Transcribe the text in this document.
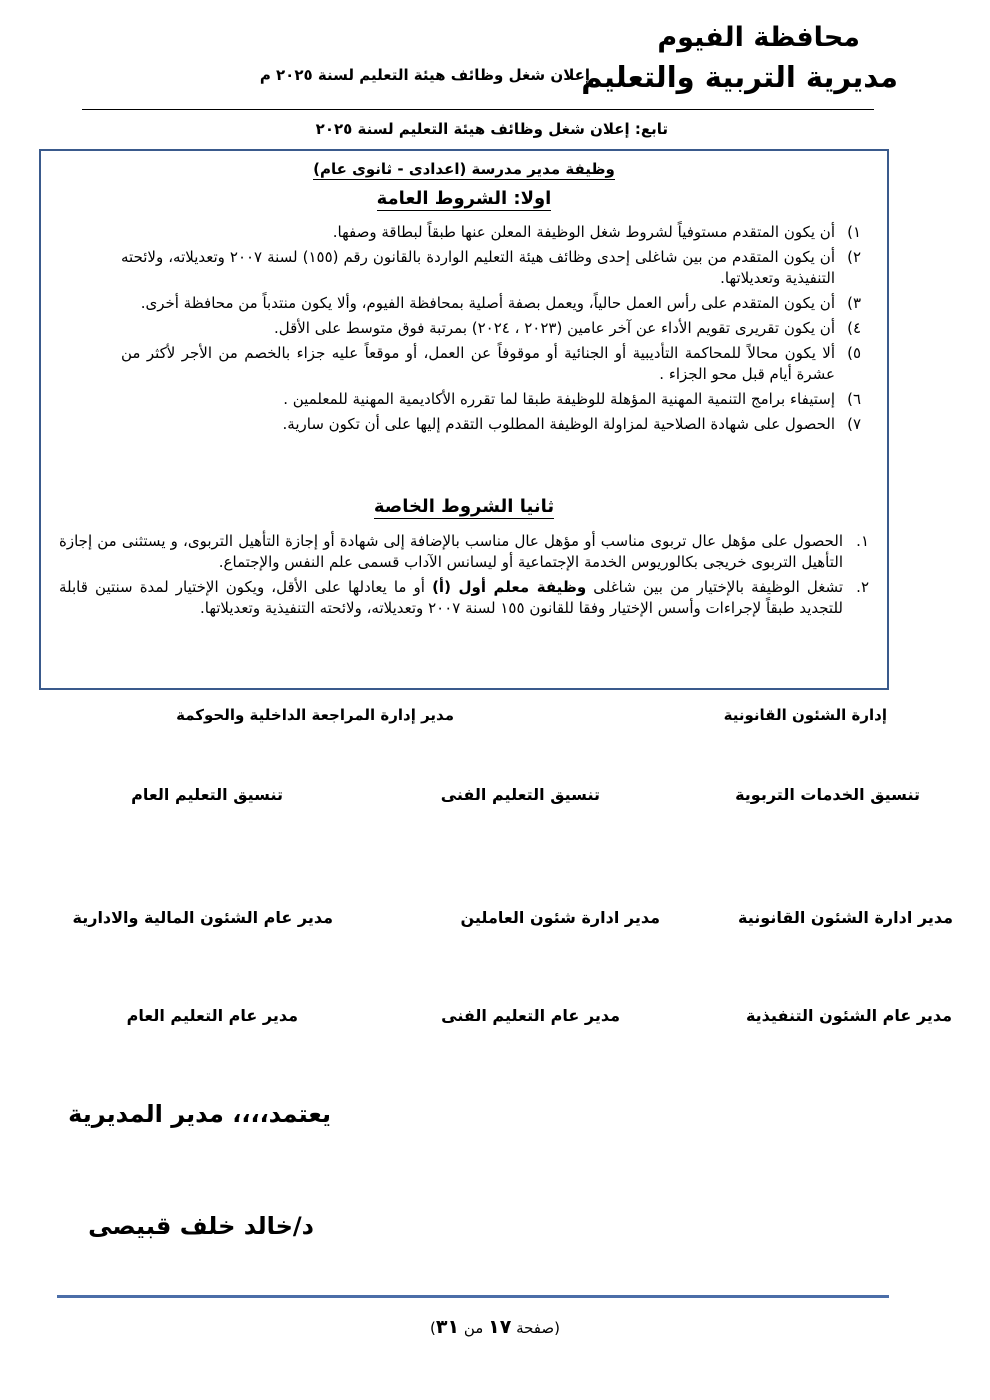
محافظة الفيوم
مديرية التربية والتعليم
إعلان شغل وظائف هيئة التعليم لسنة ٢٠٢٥ م
تابع: إعلان شغل وظائف هيئة التعليم لسنة ٢٠٢٥
وظيفة مدير مدرسة (اعدادى - ثانوى عام)
اولا: الشروط العامة
١)
أن يكون المتقدم مستوفياً لشروط شغل الوظيفة المعلن عنها طبقاً لبطاقة وصفها.
٢)
أن يكون المتقدم من بين شاغلى إحدى وظائف هيئة التعليم الواردة بالقانون رقم (١٥٥) لسنة ٢٠٠٧ وتعديلاته، ولائحته التنفيذية وتعديلاتها.
٣)
أن يكون المتقدم على رأس العمل حالياً، ويعمل بصفة أصلية بمحافظة الفيوم، وألا يكون منتدباً من محافظة أخرى.
٤)
أن يكون تقريرى تقويم الأداء عن آخر عامين (٢٠٢٣ ، ٢٠٢٤) بمرتبة فوق متوسط على الأقل.
٥)
ألا يكون محالاً للمحاكمة التأديبية أو الجنائية أو موقوفاً عن العمل، أو موقعاً عليه جزاء بالخصم من الأجر لأكثر من عشرة أيام قبل محو الجزاء .
٦)
إستيفاء برامج التنمية المهنية المؤهلة للوظيفة طبقا لما تقرره الأكاديمية المهنية للمعلمين .
٧)
الحصول على شهادة الصلاحية لمزاولة الوظيفة المطلوب التقدم إليها على أن تكون سارية.
ثانيا الشروط الخاصة
١.
الحصول على مؤهل عال تربوى مناسب أو مؤهل عال مناسب بالإضافة إلى شهادة أو إجازة التأهيل التربوى، و يستثنى من إجازة التأهيل التربوى خريجى بكالوريوس الخدمة الإجتماعية أو ليسانس الآداب قسمى علم النفس والإجتماع.
٢.
تشغل الوظيفة بالإختيار من بين شاغلى وظيفة معلم أول (أ) أو ما يعادلها على الأقل، ويكون الإختيار لمدة سنتين قابلة للتجديد طبقاً لإجراءات وأسس الإختيار وفقا للقانون ١٥٥ لسنة ٢٠٠٧ وتعديلاته، ولائحته التنفيذية وتعديلاتها.
إدارة الشئون القانونية
مدير إدارة المراجعة الداخلية والحوكمة
تنسيق الخدمات التربوية
تنسيق التعليم الفنى
تنسيق التعليم العام
مدير ادارة الشئون القانونية
مدير ادارة شئون العاملين
مدير عام الشئون المالية والادارية
مدير عام الشئون التنفيذية
مدير عام التعليم الفنى
مدير عام التعليم العام
يعتمد،،،، مدير المديرية
د/خالد خلف قبيصى
(صفحة ١٧ من ٣١)
